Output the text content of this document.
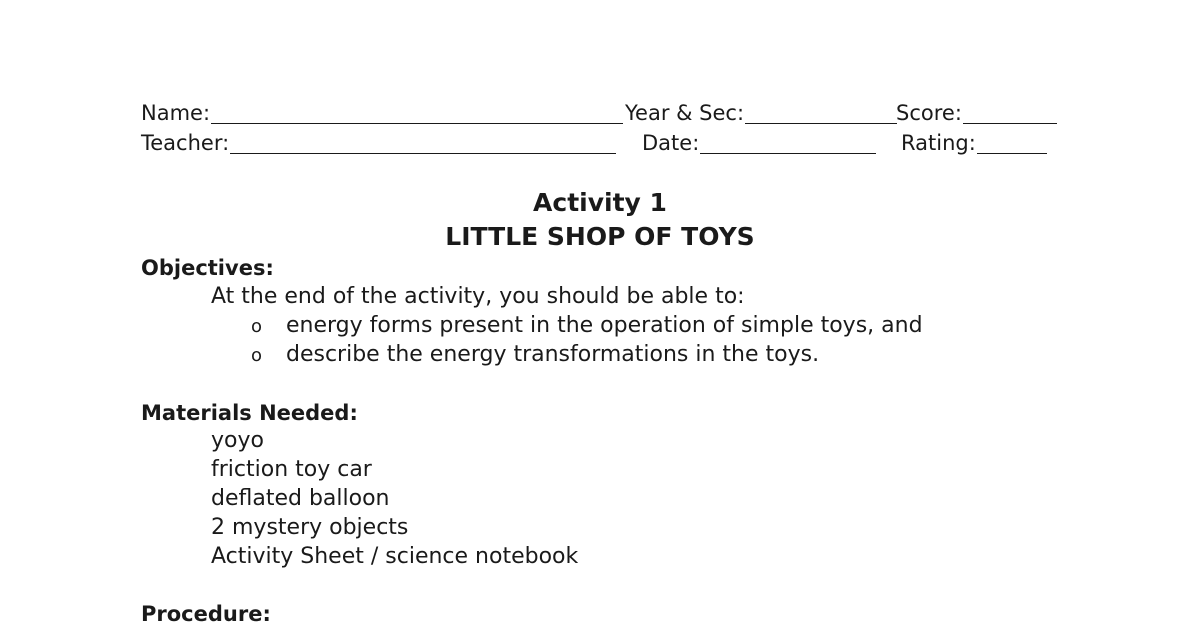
Name:	Year & Sec:	Score:
Teacher:	Date:	Rating:
Activity 1
LITTLE SHOP OF TOYS
Objectives:
At the end of the activity, you should be able to:
o energy forms present in the operation of simple toys, and
o describe the energy transformations in the toys.
Materials Needed:
yoyo
friction toy car
deflated balloon
2 mystery objects
Activity Sheet / science notebook
Procedure:
